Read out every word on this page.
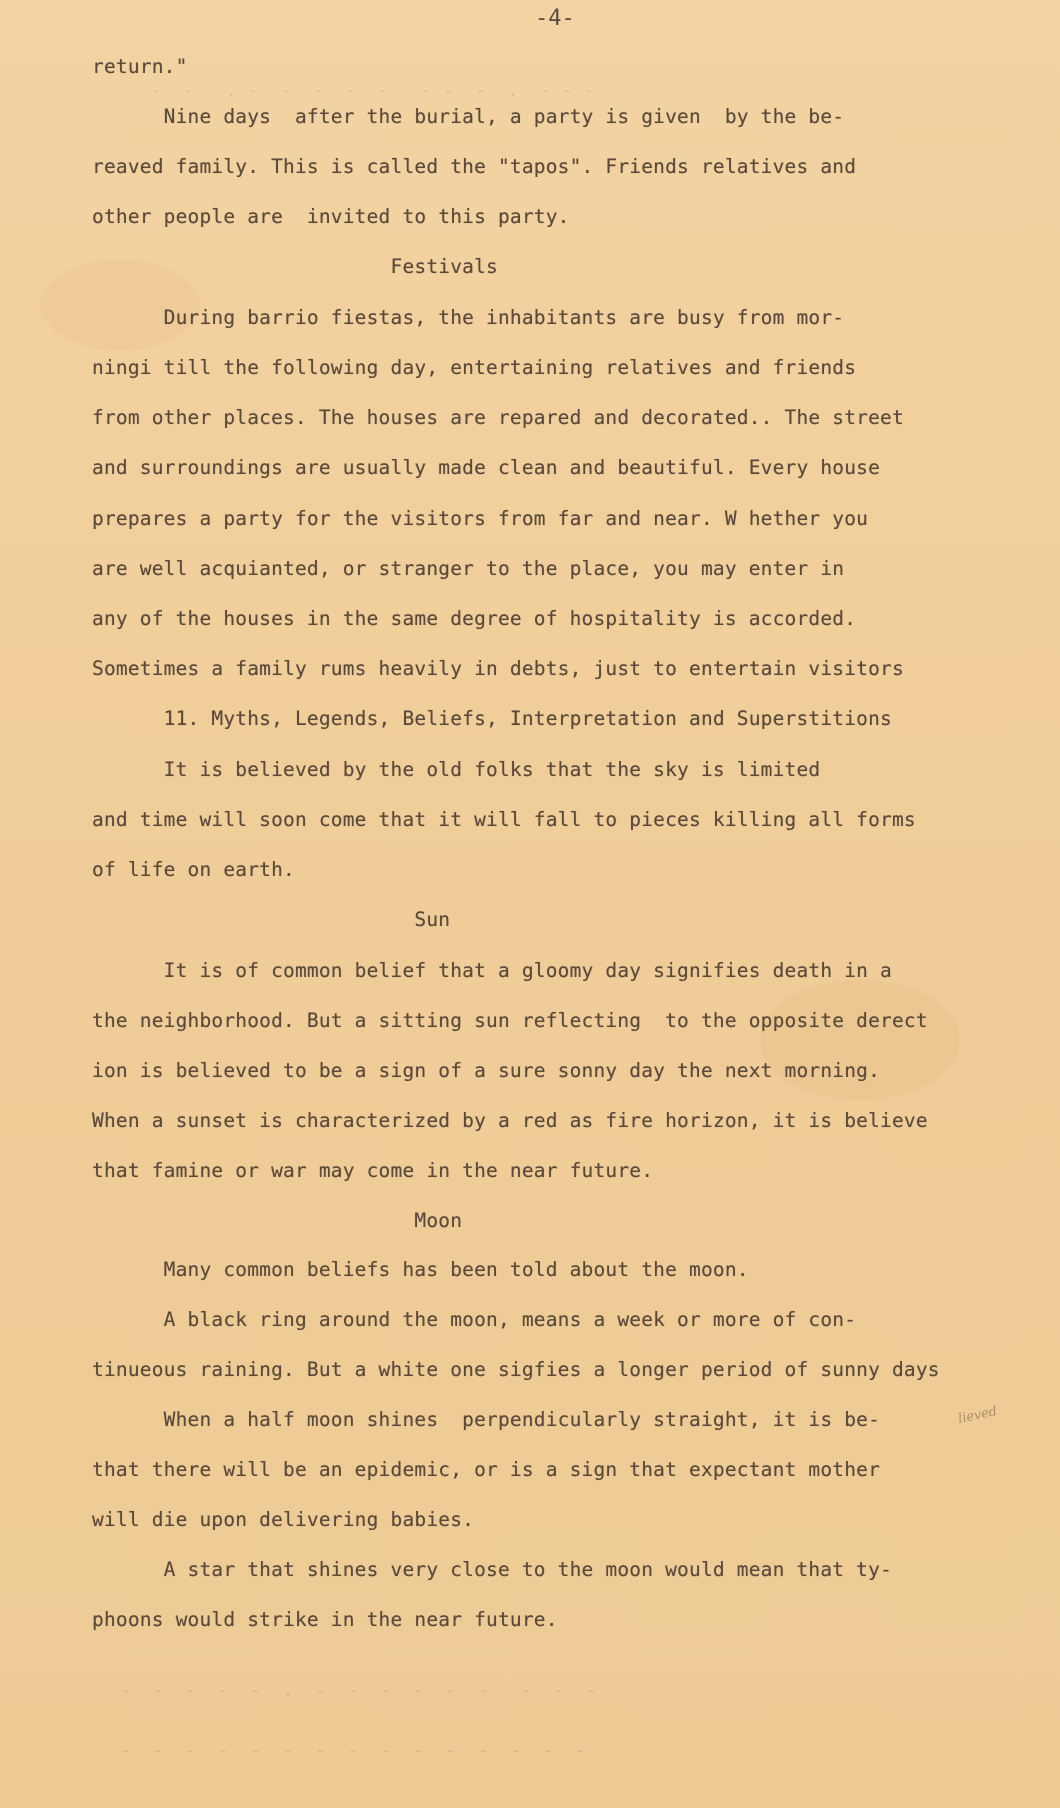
- - -  .  -  - -   -  -  -  -  - .   -  -
-  -  -   -  -  -  -  -  -  .  -  -  -  -  -
-  -  -  -  -  -  -  -  -  -  -  -  -  -  -
-4-
return."
Nine days  after the burial, a party is given  by the be-
reaved family. This is called the "tapos". Friends relatives and
other people are  invited to this party.
Festivals
During barrio fiestas, the inhabitants are busy from mor-
ningi till the following day, entertaining relatives and friends
from other places. The houses are repared and decorated.. The street
and surroundings are usually made clean and beautiful. Every house
prepares a party for the visitors from far and near. W hether you
are well acquianted, or stranger to the place, you may enter in
any of the houses in the same degree of hospitality is accorded.
Sometimes a family rums heavily in debts, just to entertain visitors
11. Myths, Legends, Beliefs, Interpretation and Superstitions
It is believed by the old folks that the sky is limited
and time will soon come that it will fall to pieces killing all forms
of life on earth.
Sun
It is of common belief that a gloomy day signifies death in a
the neighborhood. But a sitting sun reflecting  to the opposite derect
ion is believed to be a sign of a sure sonny day the next morning.
When a sunset is characterized by a red as fire horizon, it is believe
that famine or war may come in the near future.
Moon
Many common beliefs has been told about the moon.
A black ring around the moon, means a week or more of con-
tinueous raining. But a white one sigfies a longer period of sunny days
When a half moon shines  perpendicularly straight, it is be-
that there will be an epidemic, or is a sign that expectant mother
will die upon delivering babies.
A star that shines very close to the moon would mean that ty-
phoons would strike in the near future.
lieved
